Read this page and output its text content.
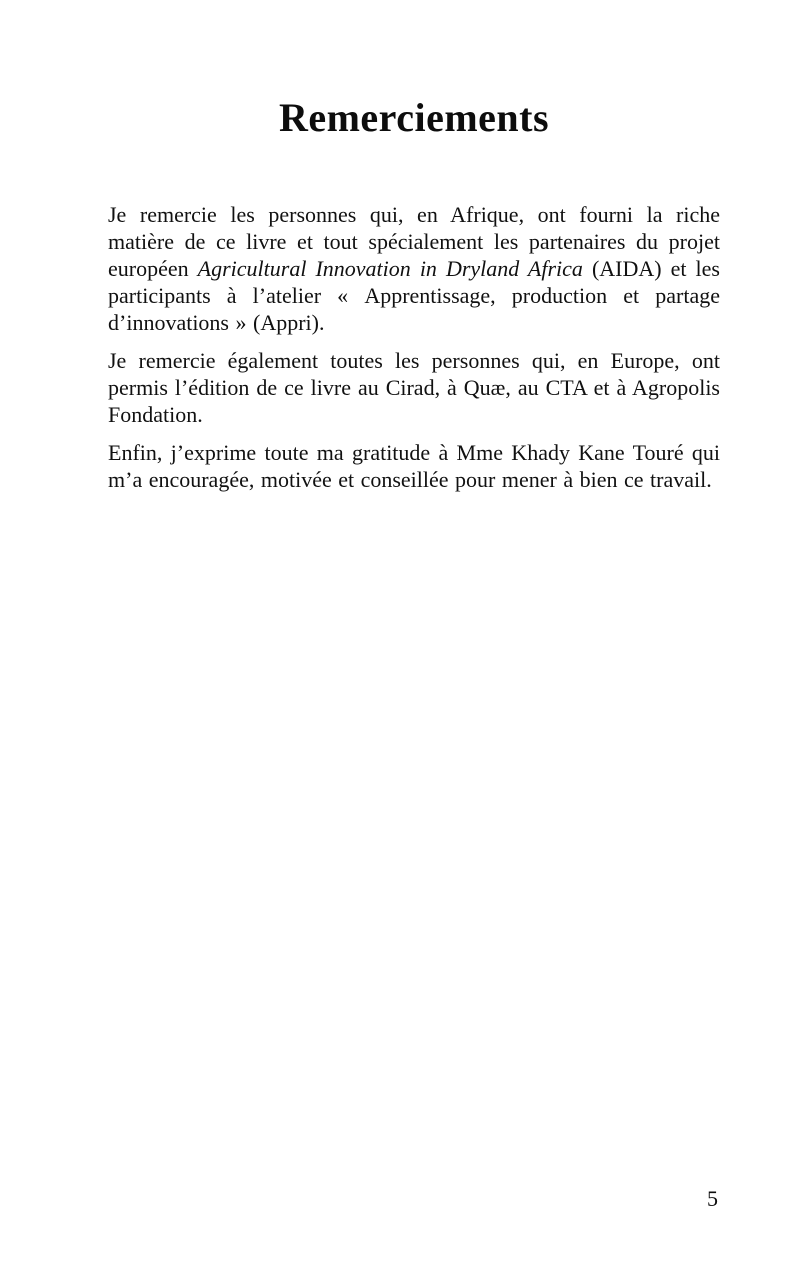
Remerciements

Je remercie les personnes qui, en Afrique, ont fourni la riche matière de ce livre et tout spécialement les partenaires du projet européen Agricultural Innovation in Dryland Africa (AIDA) et les participants à l’atelier « Apprentissage, production et partage d’innovations » (Appri).

Je remercie également toutes les personnes qui, en Europe, ont permis l’édition de ce livre au Cirad, à Quæ, au CTA et à Agropolis Fondation.

Enfin, j’exprime toute ma gratitude à Mme Khady Kane Touré qui m’a encouragée, motivée et conseillée pour mener à bien ce travail.

5
